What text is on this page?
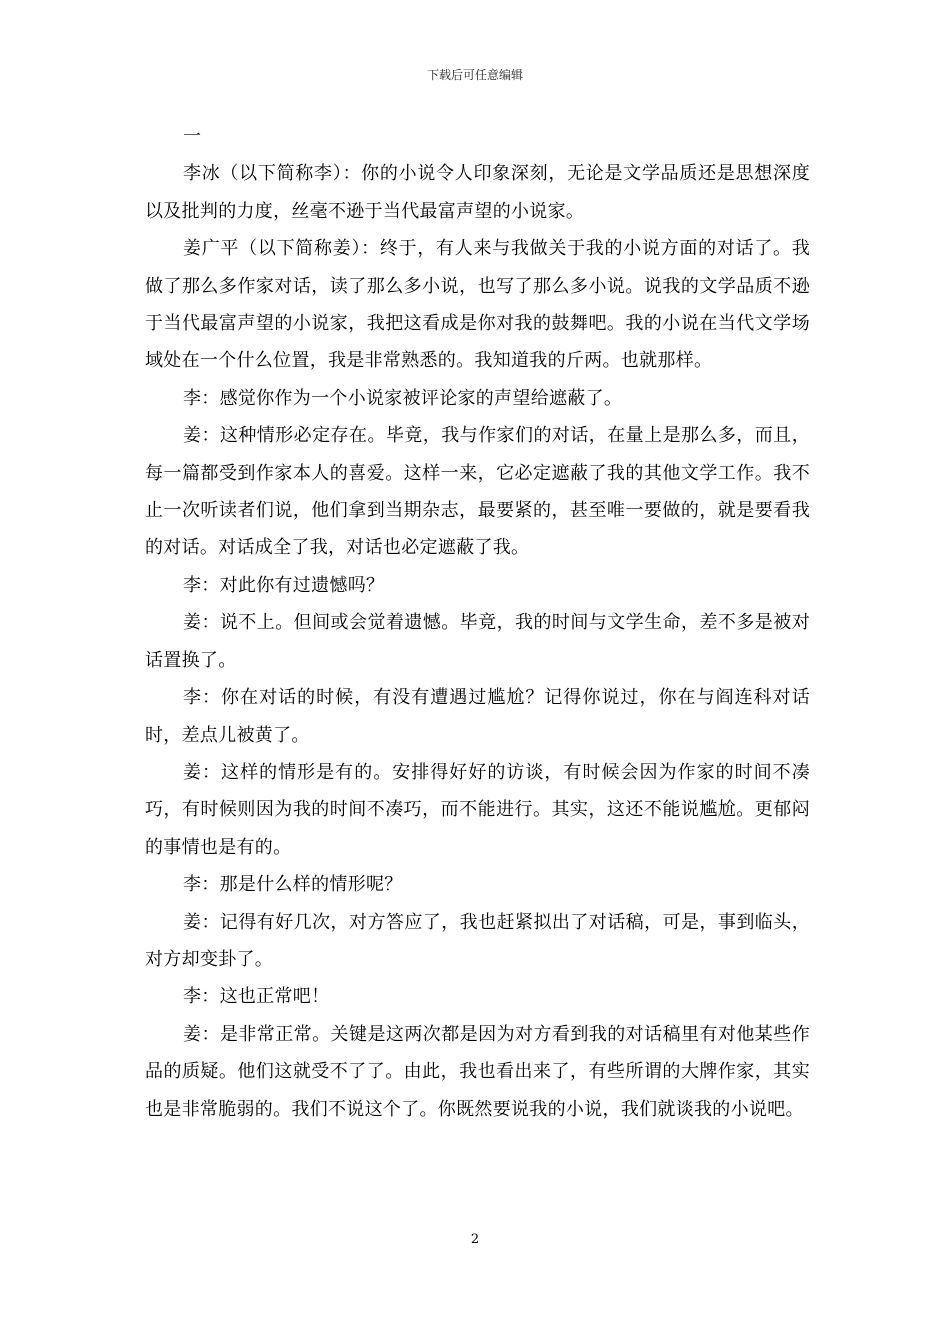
下载后可任意编辑

一

李冰（以下简称李）：你的小说令人印象深刻，无论是文学品质还是思想深度以及批判的力度，丝毫不逊于当代最富声望的小说家。

姜广平（以下简称姜）：终于，有人来与我做关于我的小说方面的对话了。我做了那么多作家对话，读了那么多小说，也写了那么多小说。说我的文学品质不逊于当代最富声望的小说家，我把这看成是你对我的鼓舞吧。我的小说在当代文学场域处在一个什么位置，我是非常熟悉的。我知道我的斤两。也就那样。

李：感觉你作为一个小说家被评论家的声望给遮蔽了。

姜：这种情形必定存在。毕竟，我与作家们的对话，在量上是那么多，而且，每一篇都受到作家本人的喜爱。这样一来，它必定遮蔽了我的其他文学工作。我不止一次听读者们说，他们拿到当期杂志，最要紧的，甚至唯一要做的，就是要看我的对话。对话成全了我，对话也必定遮蔽了我。

李：对此你有过遗憾吗？

姜：说不上。但间或会觉着遗憾。毕竟，我的时间与文学生命，差不多是被对话置换了。

李：你在对话的时候，有没有遭遇过尴尬？记得你说过，你在与阎连科对话时，差点儿被黄了。

姜：这样的情形是有的。安排得好好的访谈，有时候会因为作家的时间不凑巧，有时候则因为我的时间不凑巧，而不能进行。其实，这还不能说尴尬。更郁闷的事情也是有的。

李：那是什么样的情形呢？

姜：记得有好几次，对方答应了，我也赶紧拟出了对话稿，可是，事到临头，对方却变卦了。

李：这也正常吧！

姜：是非常正常。关键是这两次都是因为对方看到我的对话稿里有对他某些作品的质疑。他们这就受不了了。由此，我也看出来了，有些所谓的大牌作家，其实也是非常脆弱的。我们不说这个了。你既然要说我的小说，我们就谈我的小说吧。

2
